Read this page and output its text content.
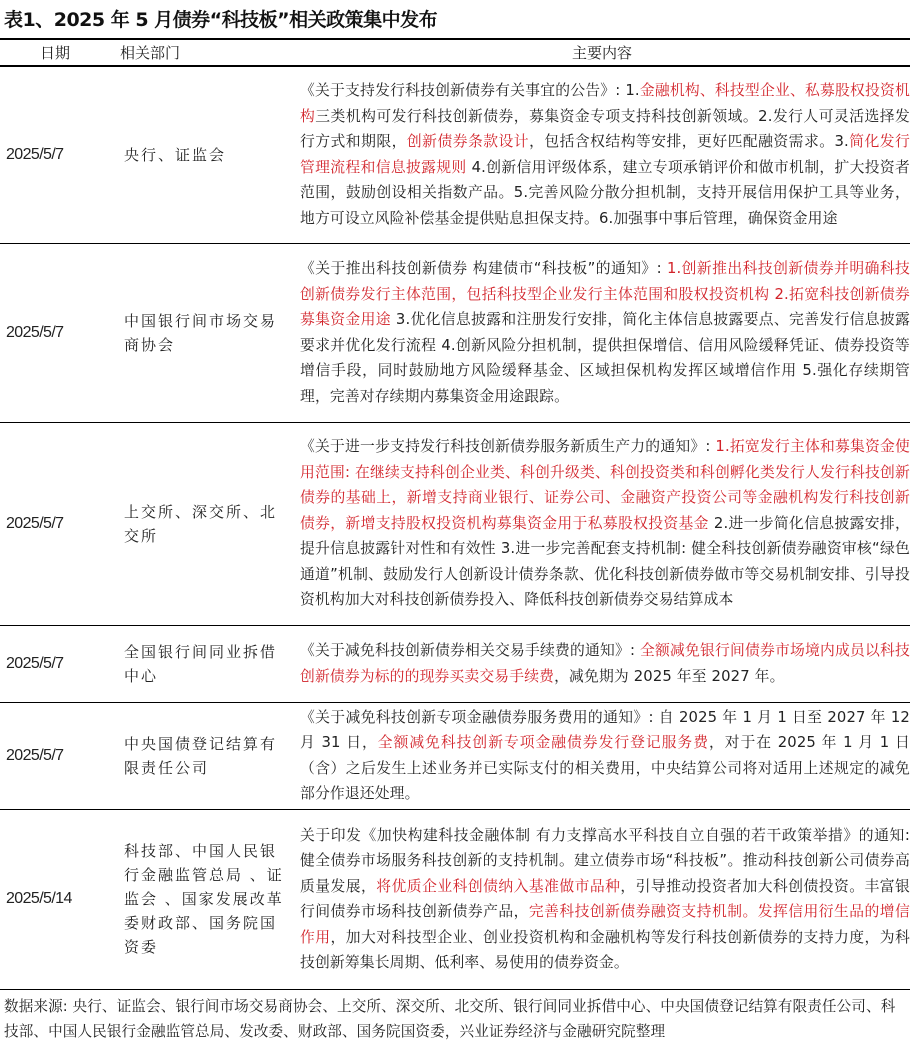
表1、2025 年 5 月债券“科技板”相关政策集中发布
日期	相关部门	主要内容
2025/5/7	央行、证监会	《关于支持发行科技创新债券有关事宜的公告》: 1.金融机构、科技型企业、私募股权投资机构三类机构可发行科技创新债券，募集资金专项支持科技创新领域。2.发行人可灵活选择发行方式和期限，创新债券条款设计，包括含权结构等安排，更好匹配融资需求。3.简化发行管理流程和信息披露规则 4.创新信用评级体系，建立专项承销评价和做市机制，扩大投资者范围，鼓励创设相关指数产品。5.完善风险分散分担机制，支持开展信用保护工具等业务，地方可设立风险补偿基金提供贴息担保支持。6.加强事中事后管理，确保资金用途
2025/5/7	中国银行间市场交易商协会	《关于推出科技创新债券 构建债市“科技板”的通知》: 1.创新推出科技创新债券并明确科技创新债券发行主体范围，包括科技型企业发行主体范围和股权投资机构 2.拓宽科技创新债券募集资金用途 3.优化信息披露和注册发行安排，简化主体信息披露要点、完善发行信息披露要求并优化发行流程 4.创新风险分担机制，提供担保增信、信用风险缓释凭证、债券投资等增信手段，同时鼓励地方风险缓释基金、区域担保机构发挥区域增信作用 5.强化存续期管理，完善对存续期内募集资金用途跟踪。
2025/5/7	上交所、深交所、北交所	《关于进一步支持发行科技创新债券服务新质生产力的通知》: 1.拓宽发行主体和募集资金使用范围: 在继续支持科创企业类、科创升级类、科创投资类和科创孵化类发行人发行科技创新债券的基础上，新增支持商业银行、证券公司、金融资产投资公司等金融机构发行科技创新债券，新增支持股权投资机构募集资金用于私募股权投资基金 2.进一步简化信息披露安排，提升信息披露针对性和有效性 3.进一步完善配套支持机制: 健全科技创新债券融资审核“绿色通道”机制、鼓励发行人创新设计债券条款、优化科技创新债券做市等交易机制安排、引导投资机构加大对科技创新债券投入、降低科技创新债券交易结算成本
2025/5/7	全国银行间同业拆借中心	《关于减免科技创新债券相关交易手续费的通知》: 全额减免银行间债券市场境内成员以科技创新债券为标的的现券买卖交易手续费，减免期为 2025 年至 2027 年。
2025/5/7	中央国债登记结算有限责任公司	《关于减免科技创新专项金融债券服务费用的通知》: 自 2025 年 1 月 1 日至 2027 年 12 月 31 日，全额减免科技创新专项金融债券发行登记服务费，对于在 2025 年 1 月 1 日（含）之后发生上述业务并已实际支付的相关费用，中央结算公司将对适用上述规定的减免部分作退还处理。
2025/5/14	科技部、中国人民银行金融监管总局 、证监会 、国家发展改革委财政部、国务院国资委	关于印发《加快构建科技金融体制 有力支撑高水平科技自立自强的若干政策举措》的通知: 健全债券市场服务科技创新的支持机制。建立债券市场“科技板”。推动科技创新公司债券高质量发展，将优质企业科创债纳入基准做市品种，引导推动投资者加大科创债投资。丰富银行间债券市场科技创新债券产品，完善科技创新债券融资支持机制。发挥信用衍生品的增信作用，加大对科技型企业、创业投资机构和金融机构等发行科技创新债券的支持力度，为科技创新筹集长周期、低利率、易使用的债券资金。
数据来源: 央行、证监会、银行间市场交易商协会、上交所、深交所、北交所、银行间同业拆借中心、中央国债登记结算有限责任公司、科技部、中国人民银行金融监管总局、发改委、财政部、国务院国资委，兴业证券经济与金融研究院整理
